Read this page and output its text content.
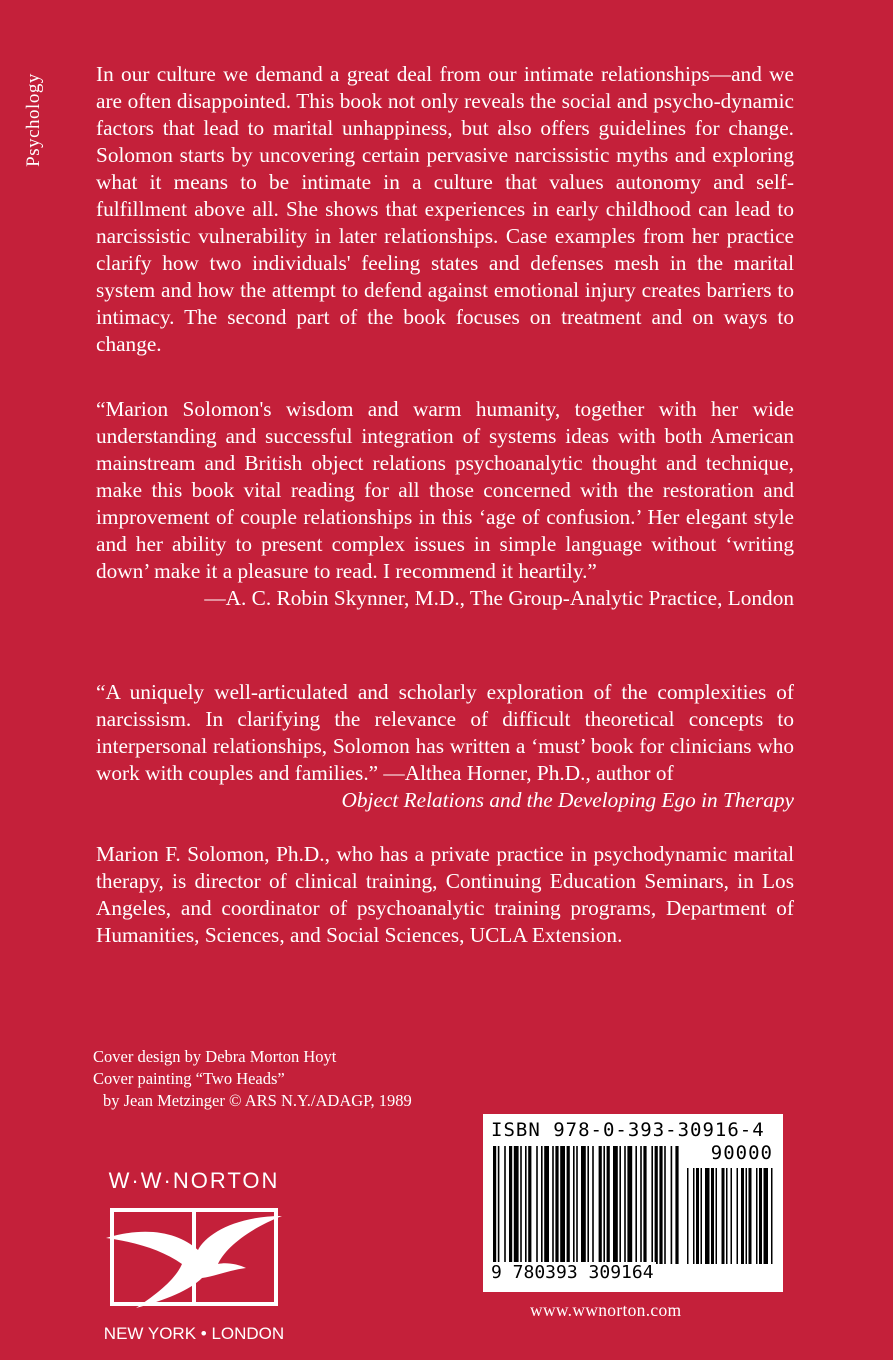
Psychology In our culture we demand a great deal from our intimate relationships—and we are often disappointed. This book not only reveals the social and psycho-dynamic factors that lead to marital unhappiness, but also offers guidelines for change. Solomon starts by uncovering certain pervasive narcissistic myths and exploring what it means to be intimate in a culture that values autonomy and self-fulfillment above all. She shows that experiences in early childhood can lead to narcissistic vulnerability in later relationships. Case examples from her practice clarify how two individuals' feeling states and defenses mesh in the marital system and how the attempt to defend against emotional injury creates barriers to intimacy. The second part of the book focuses on treatment and on ways to change.

“Marion Solomon's wisdom and warm humanity, together with her wide understanding and successful integration of systems ideas with both American mainstream and British object relations psychoanalytic thought and technique, make this book vital reading for all those concerned with the restoration and improvement of couple relationships in this ‘age of confusion.’ Her elegant style and her ability to present complex issues in simple language without ‘writing down’ make it a pleasure to read. I recommend it heartily.”
—A. C. Robin Skynner, M.D., The Group-Analytic Practice, London
“A uniquely well-articulated and scholarly exploration of the complexities of narcissism. In clarifying the relevance of difficult theoretical concepts to interpersonal relationships, Solomon has written a ‘must’ book for clinicians who work with couples and families.” —Althea Horner, Ph.D., author of
Object Relations and the Developing Ego in Therapy

Marion F. Solomon, Ph.D., who has a private practice in psychodynamic marital therapy, is director of clinical training, Continuing Education Seminars, in Los Angeles, and coordinator of psychoanalytic training programs, Department of Humanities, Sciences, and Social Sciences, UCLA Extension.

Cover design by Debra Morton Hoyt
Cover painting “Two Heads”
by Jean Metzinger © ARS N.Y./ADAGP, 1989
W·W·NORTON
NEW YORK • LONDON
ISBN 978-0-393-30916-4
90000
9 780393 309164
www.wwnorton.com
